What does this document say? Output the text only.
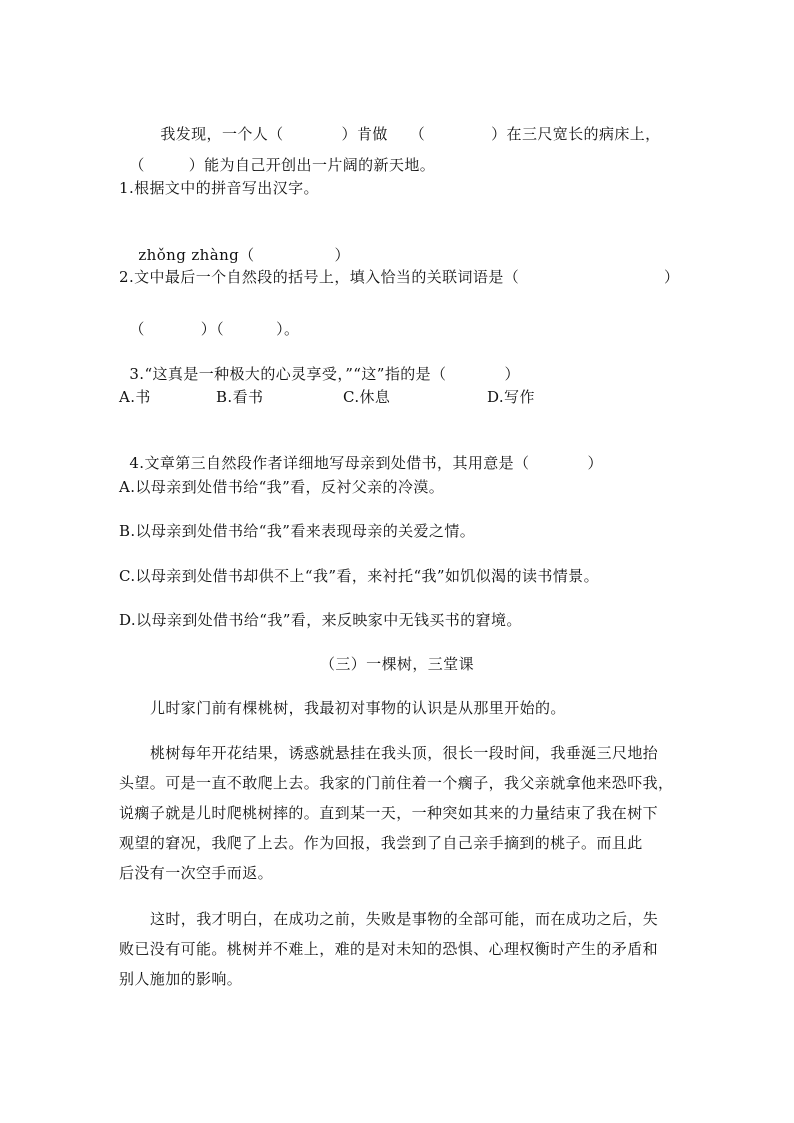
我发现，一个人（	）肯做 （	）在三尺宽长的病床上，

（	）能为自己开创出一片阔的新天地。

1.根据文中的拼音写出汉字。

zhǒng zhàng（	）

2.文中最后一个自然段的括号上，填入恰当的关联词语是（	）

（	）（	）。

3.“这真是一种极大的心灵享受，”“这”指的是（	）

A.书	B.看书	C.休息	D.写作

4.文章第三自然段作者详细地写母亲到处借书，其用意是（	）

A.以母亲到处借书给“我”看，反衬父亲的冷漠。
B.以母亲到处借书给“我”看来表现母亲的关爱之情。
C.以母亲到处借书却供不上“我”看，来衬托“我”如饥似渴的读书情景。
D.以母亲到处借书给“我”看，来反映家中无钱买书的窘境。
（三）一棵树，三堂课
儿时家门前有棵桃树，我最初对事物的认识是从那里开始的。
桃树每年开花结果，诱惑就悬挂在我头顶，很长一段时间，我垂涎三尺地抬
头望。可是一直不敢爬上去。我家的门前住着一个瘸子，我父亲就拿他来恐吓我，
说瘸子就是儿时爬桃树摔的。直到某一天，一种突如其来的力量结束了我在树下
观望的窘况，我爬了上去。作为回报，我尝到了自己亲手摘到的桃子。而且此
后没有一次空手而返。
这时，我才明白，在成功之前，失败是事物的全部可能，而在成功之后，失
败已没有可能。桃树并不难上，难的是对未知的恐惧、心理权衡时产生的矛盾和
别人施加的影响。
